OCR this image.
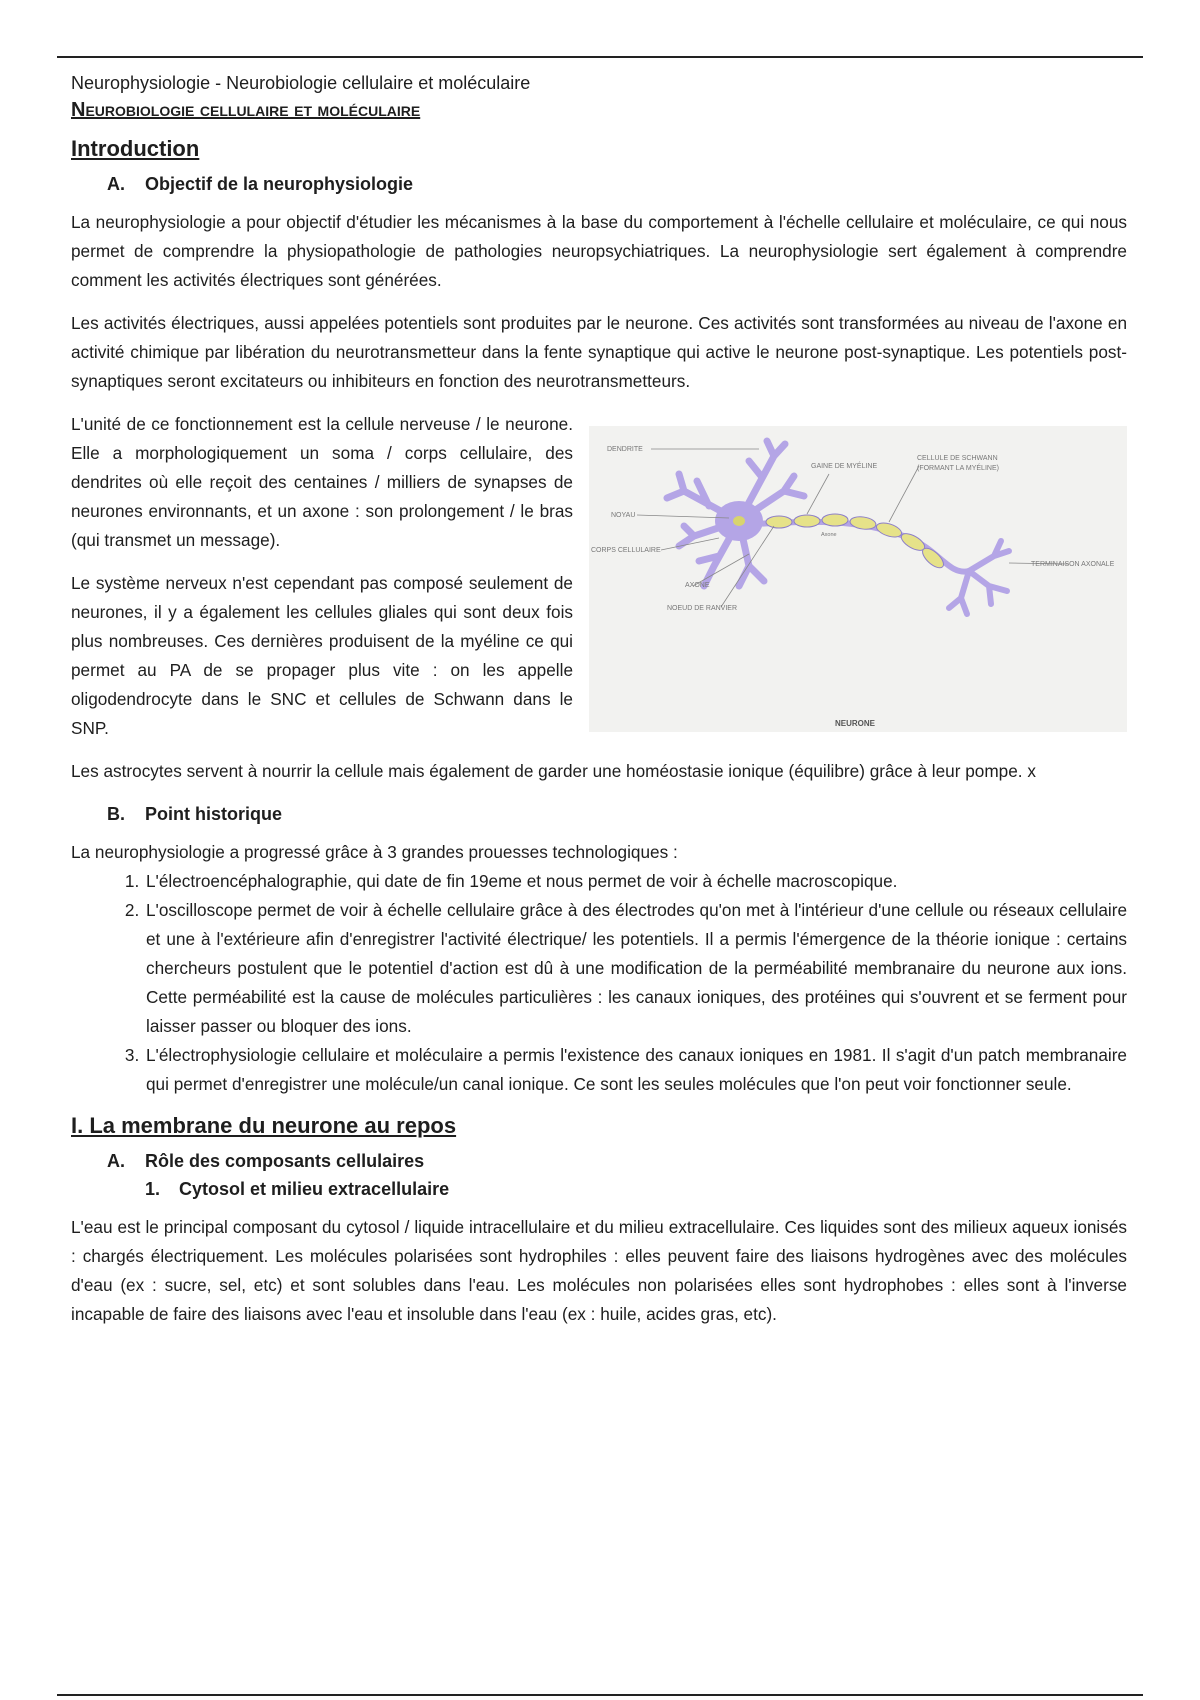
Neurophysiologie - Neurobiologie cellulaire et moléculaire
Neurobiologie cellulaire et moléculaire
Introduction
A. Objectif de la neurophysiologie

La neurophysiologie a pour objectif d'étudier les mécanismes à la base du comportement à l'échelle cellulaire et moléculaire, ce qui nous permet de comprendre la physiopathologie de pathologies neuropsychiatriques. La neurophysiologie sert également à comprendre comment les activités électriques sont générées.

Les activités électriques, aussi appelées potentiels sont produites par le neurone. Ces activités sont transformées au niveau de l'axone en activité chimique par libération du neurotransmetteur dans la fente synaptique qui active le neurone post-synaptique. Les potentiels post-synaptiques seront excitateurs ou inhibiteurs en fonction des neurotransmetteurs.

DENDRITE
NOYAU
CORPS CELLULAIRE
AXONE
NOEUD DE RANVIER
GAINE DE MYÉLINE
CELLULE DE SCHWANN
(FORMANT LA MYÉLINE)
TERMINAISON AXONALE
Axone
NEURONE

L'unité de ce fonctionnement est la cellule nerveuse / le neurone. Elle a morphologiquement un soma / corps cellulaire, des dendrites où elle reçoit des centaines / milliers de synapses de neurones environnants, et un axone : son prolongement / le bras (qui transmet un message).

Le système nerveux n'est cependant pas composé seulement de neurones, il y a également les cellules gliales qui sont deux fois plus nombreuses. Ces dernières produisent de la myéline ce qui permet au PA de se propager plus vite : on les appelle oligodendrocyte dans le SNC et cellules de Schwann dans le SNP.

Les astrocytes servent à nourrir la cellule mais également de garder une homéostasie ionique (équilibre) grâce à leur pompe. x

B. Point historique

La neurophysiologie a progressé grâce à 3 grandes prouesses technologiques :

1. L'électroencéphalographie, qui date de fin 19eme et nous permet de voir à échelle macroscopique.
2. L'oscilloscope permet de voir à échelle cellulaire grâce à des électrodes qu'on met à l'intérieur d'une cellule ou réseaux cellulaire et une à l'extérieure afin d'enregistrer l'activité électrique/ les potentiels. Il a permis l'émergence de la théorie ionique : certains chercheurs postulent que le potentiel d'action est dû à une modification de la perméabilité membranaire du neurone aux ions. Cette perméabilité est la cause de molécules particulières : les canaux ioniques, des protéines qui s'ouvrent et se ferment pour laisser passer ou bloquer des ions.
3. L'électrophysiologie cellulaire et moléculaire a permis l'existence des canaux ioniques en 1981. Il s'agit d'un patch membranaire qui permet d'enregistrer une molécule/un canal ionique. Ce sont les seules molécules que l'on peut voir fonctionner seule.
I. La membrane du neurone au repos
A. Rôle des composants cellulaires
1. Cytosol et milieu extracellulaire

L'eau est le principal composant du cytosol / liquide intracellulaire et du milieu extracellulaire. Ces liquides sont des milieux aqueux ionisés : chargés électriquement. Les molécules polarisées sont hydrophiles : elles peuvent faire des liaisons hydrogènes avec des molécules d'eau (ex : sucre, sel, etc) et sont solubles dans l'eau. Les molécules non polarisées elles sont hydrophobes : elles sont à l'inverse incapable de faire des liaisons avec l'eau et insoluble dans l'eau (ex : huile, acides gras, etc).
